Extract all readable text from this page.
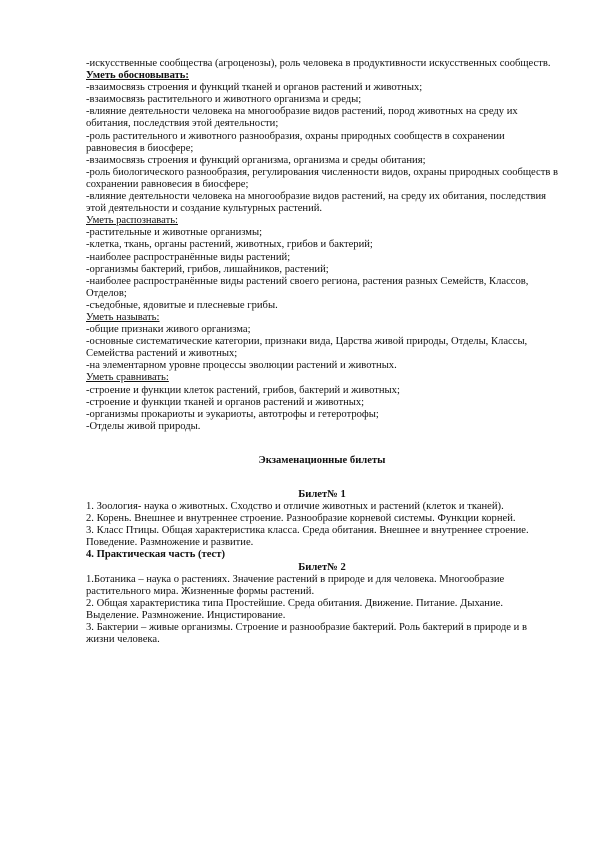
-искусственные сообщества (агроценозы), роль человека в продуктивности искусственных сообществ.

Уметь обосновывать:

-взаимосвязь строения и функций тканей и органов растений и животных;

-взаимосвязь растительного и животного организма и среды;

-влияние деятельности человека на многообразие видов растений, пород животных на среду их обитания, последствия этой деятельности;

-роль растительного и животного разнообразия, охраны природных сообществ в сохранении равновесия в биосфере;

-взаимосвязь строения и функций организма, организма и среды обитания;

-роль биологического разнообразия, регулирования численности видов, охраны природных сообществ в сохранении равновесия в биосфере;

-влияние деятельности человека на многообразие видов растений, на среду их обитания, последствия этой деятельности и создание культурных растений.

Уметь распознавать:

-растительные и животные организмы;

-клетка, ткань, органы растений, животных, грибов и бактерий;

-наиболее распространённые виды растений;

-организмы бактерий, грибов, лишайников, растений;

-наиболее распространённые виды растений своего региона, растения разных Семейств, Классов, Отделов;

-съедобные, ядовитые и плесневые грибы.

Уметь называть:

-общие признаки живого организма;

-основные систематические категории, признаки вида, Царства живой природы, Отделы, Классы, Семейства растений и животных;

-на элементарном уровне процессы эволюции растений и животных.

Уметь сравнивать:

-строение и функции клеток растений, грибов, бактерий и животных;

-строение и функции тканей и органов растений и животных;

-организмы прокариоты и эукариоты, автотрофы и гетеротрофы;

-Отделы живой природы.

Экзаменационные билеты

Билет№ 1

1. Зоология- наука о животных. Сходство и отличие животных и растений (клеток и тканей).

2. Корень. Внешнее и внутреннее строение. Разнообразие корневой системы. Функции корней.

3. Класс Птицы. Общая характеристика класса. Среда обитания. Внешнее и внутреннее строение. Поведение. Размножение и развитие.

4. Практическая часть (тест)

Билет№ 2

1.Ботаника – наука о растениях. Значение растений в природе и для человека. Многообразие растительного мира. Жизненные формы растений.

2. Общая характеристика типа Простейшие. Среда обитания. Движение. Питание. Дыхание. Выделение. Размножение. Инцистирование.

3. Бактерии – живые организмы. Строение и разнообразие бактерий. Роль бактерий в природе и в жизни человека.
